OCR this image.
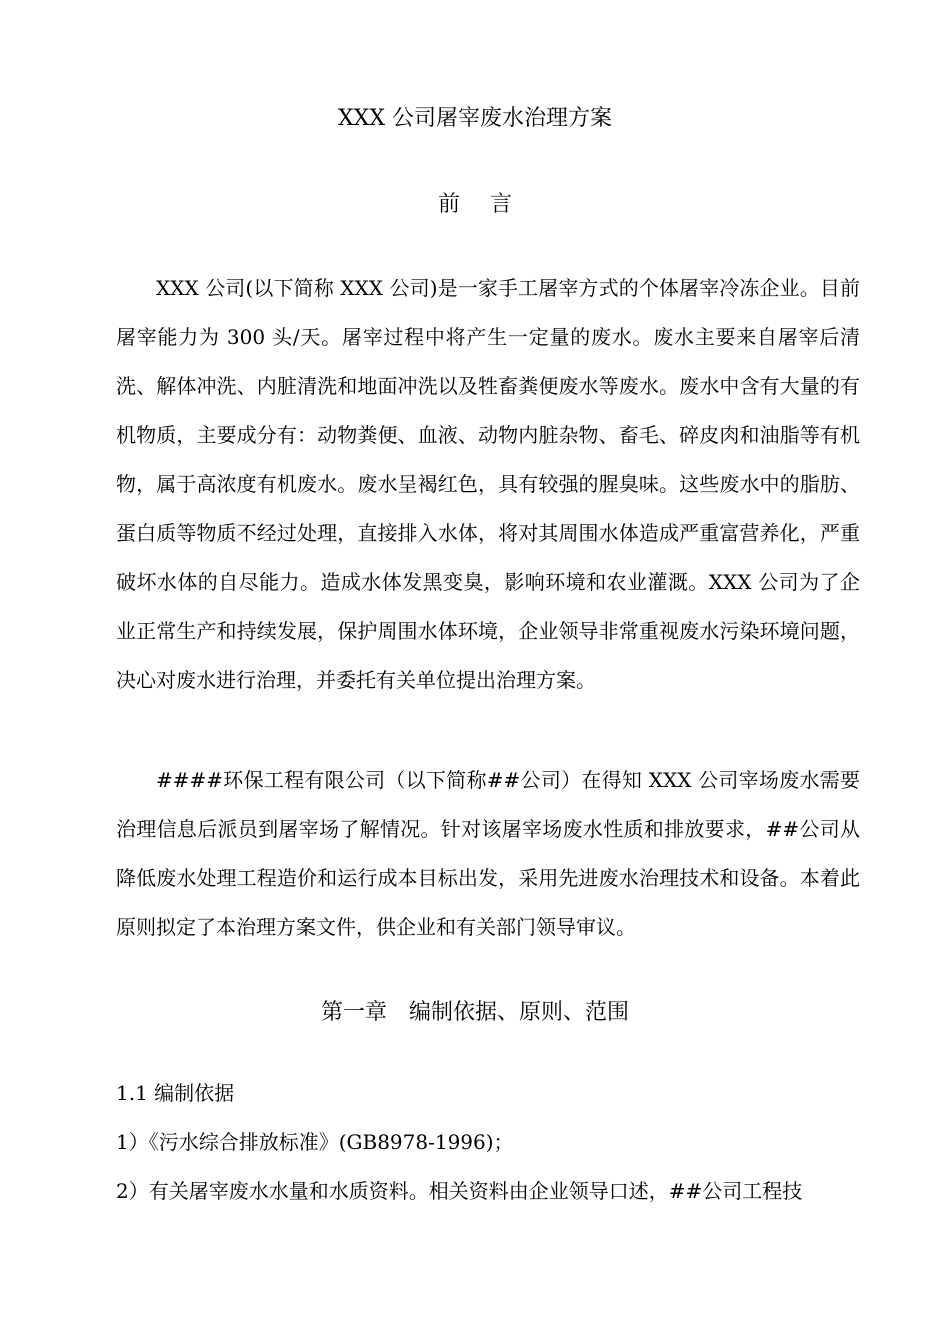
XXX 公司屠宰废水治理方案
前言

XXX 公司(以下简称 XXX 公司)是一家手工屠宰方式的个体屠宰冷冻企业。目前屠宰能力为 300 头/天。屠宰过程中将产生一定量的废水。废水主要来自屠宰后清洗、解体冲洗、内脏清洗和地面冲洗以及牲畜粪便废水等废水。废水中含有大量的有机物质，主要成分有：动物粪便、血液、动物内脏杂物、畜毛、碎皮肉和油脂等有机物，属于高浓度有机废水。废水呈褐红色，具有较强的腥臭味。这些废水中的脂肪、蛋白质等物质不经过处理，直接排入水体，将对其周围水体造成严重富营养化，严重破坏水体的自尽能力。造成水体发黑变臭，影响环境和农业灌溉。XXX 公司为了企业正常生产和持续发展，保护周围水体环境，企业领导非常重视废水污染环境问题，决心对废水进行治理，并委托有关单位提出治理方案。

####环保工程有限公司（以下简称##公司）在得知 XXX 公司宰场废水需要治理信息后派员到屠宰场了解情况。针对该屠宰场废水性质和排放要求，##公司从降低废水处理工程造价和运行成本目标出发，采用先进废水治理技术和设备。本着此原则拟定了本治理方案文件，供企业和有关部门领导审议。

第一章　编制依据、原则、范围
1.1 编制依据
1）《污水综合排放标准》(GB8978-1996)；
2）有关屠宰废水水量和水质资料。相关资料由企业领导口述，##公司工程技
